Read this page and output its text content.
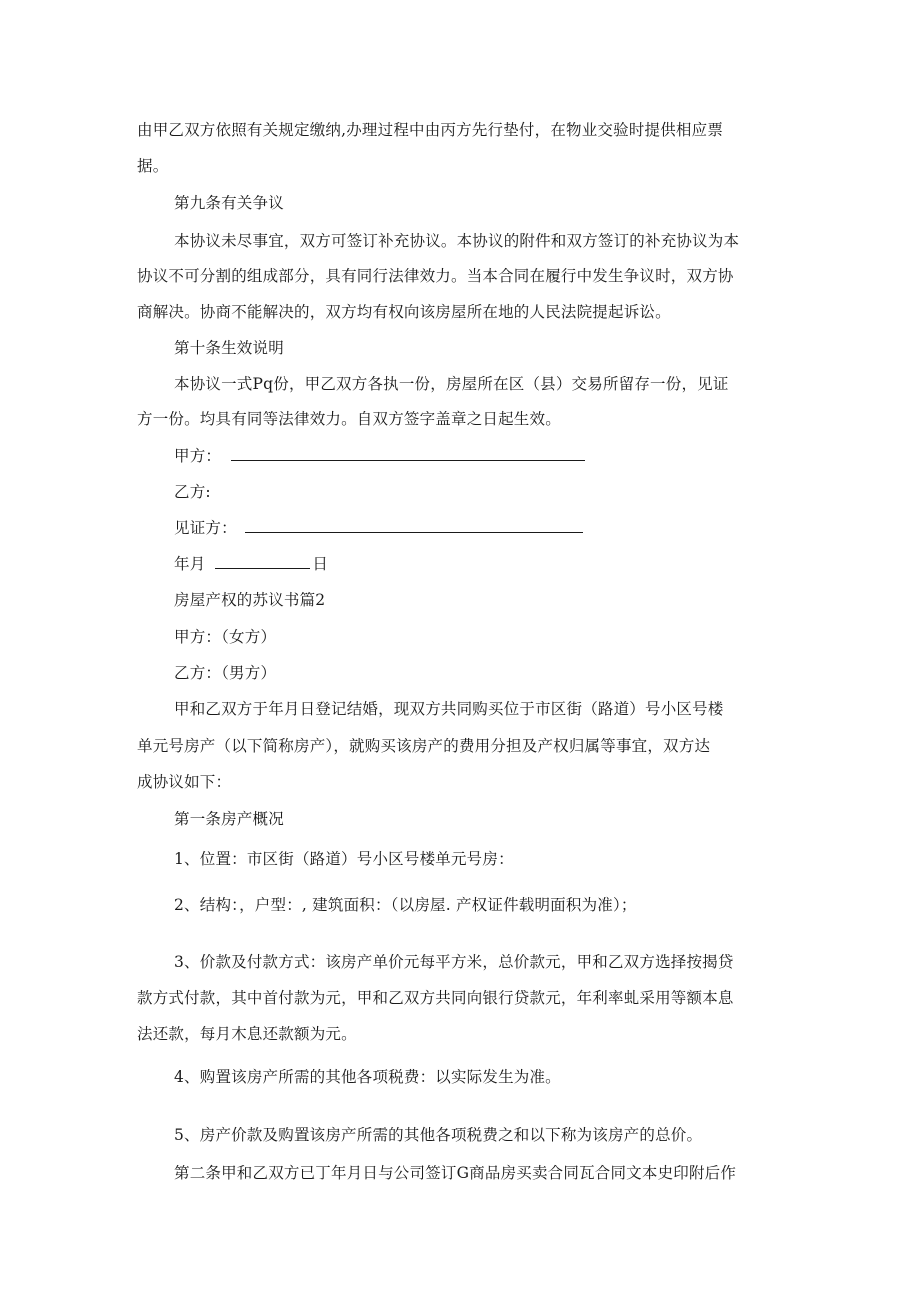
由甲乙双方依照有关规定缴纳,办理过程中由丙方先行垫付，在物业交验时提供相应票
据。
第九条有关争议
本协议未尽事宜，双方可签订补充协议。本协议的附件和双方签订的补充协议为本
协议不可分割的组成部分，具有同行法律效力。当本合同在履行中发生争议时，双方协
商解决。协商不能解决的，双方均有权向该房屋所在地的人民法院提起诉讼。
第十条生效说明
本协议一式Pq份，甲乙双方各执一份，房屋所在区（县）交易所留存一份，见证
方一份。均具有同等法律效力。自双方签字盖章之日起生效。
甲方：
乙方:
见证方：
年月	日
房屋产权的苏议书篇2
甲方：（女方）
乙方：（男方）
甲和乙双方于年月日登记结婚，现双方共同购买位于市区街（路道）号小区号楼
单元号房产（以下简称房产），就购买该房产的费用分担及产权归属等事宜，双方达
成协议如下：
第一条房产概况
1、位置：市区街（路道）号小区号楼单元号房：
2、结构：，户型：, 建筑面积：（以房屋. 产权证件载明面积为准）；
3、价款及付款方式：该房产单价元每平方米，总价款元，甲和乙双方选择按揭贷
款方式付款，其中首付款为元，甲和乙双方共同向银行贷款元，年利率虬采用等额本息
法还款，每月木息还款额为元。
4、购置该房产所需的其他各项税费：以实际发生为准。
5、房产价款及购置该房产所需的其他各项税费之和以下称为该房产的总价。
第二条甲和乙双方已丁年月日与公司签订G商品房买卖合同瓦合同文本史印附后作
